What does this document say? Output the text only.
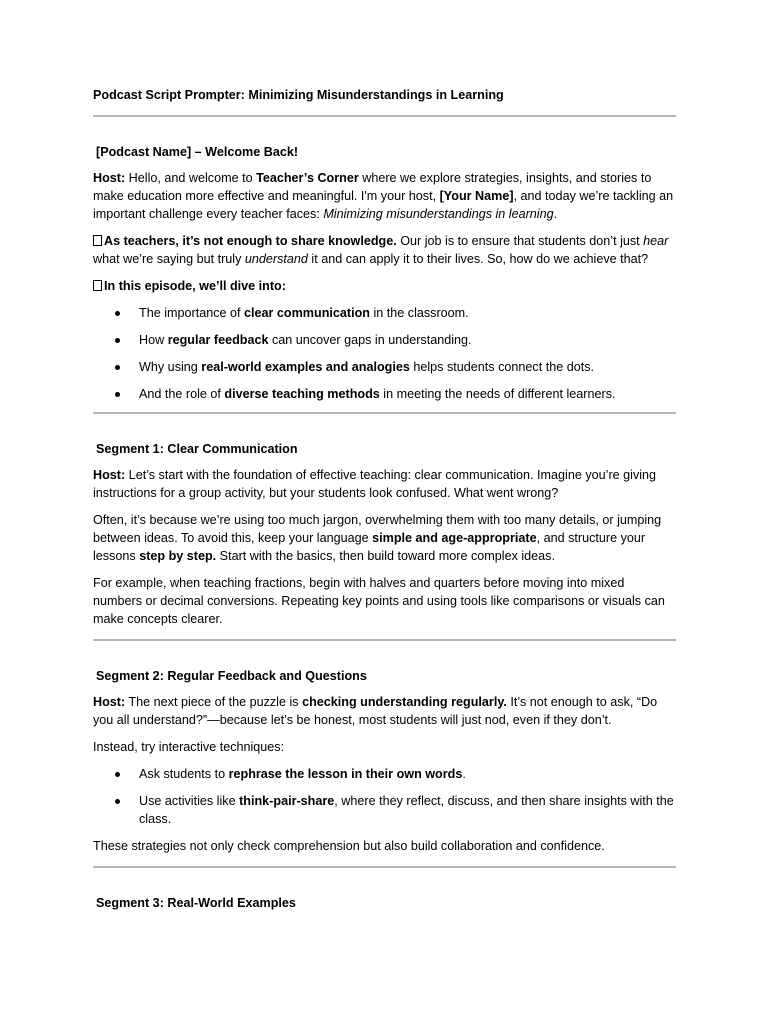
Podcast Script Prompter: Minimizing Misunderstandings in Learning
[Podcast Name] – Welcome Back!

Host: Hello, and welcome to Teacher’s Corner where we explore strategies, insights, and stories to make education more effective and meaningful. I'm your host, [Your Name], and today we’re tackling an important challenge every teacher faces: Minimizing misunderstandings in learning.

As teachers, it’s not enough to share knowledge. Our job is to ensure that students don’t just hear what we’re saying but truly understand it and can apply it to their lives. So, how do we achieve that?

In this episode, we’ll dive into:

The importance of clear communication in the classroom.
How regular feedback can uncover gaps in understanding.
Why using real-world examples and analogies helps students connect the dots.
And the role of diverse teaching methods in meeting the needs of different learners.
Segment 1: Clear Communication

Host: Let’s start with the foundation of effective teaching: clear communication. Imagine you’re giving instructions for a group activity, but your students look confused. What went wrong?

Often, it’s because we’re using too much jargon, overwhelming them with too many details, or jumping between ideas. To avoid this, keep your language simple and age-appropriate, and structure your lessons step by step. Start with the basics, then build toward more complex ideas.

For example, when teaching fractions, begin with halves and quarters before moving into mixed numbers or decimal conversions. Repeating key points and using tools like comparisons or visuals can make concepts clearer.

Segment 2: Regular Feedback and Questions

Host: The next piece of the puzzle is checking understanding regularly. It’s not enough to ask, “Do you all understand?”—because let’s be honest, most students will just nod, even if they don’t.

Instead, try interactive techniques:

Ask students to rephrase the lesson in their own words.
Use activities like think-pair-share, where they reflect, discuss, and then share insights with the class.

These strategies not only check comprehension but also build collaboration and confidence.

Segment 3: Real-World Examples
